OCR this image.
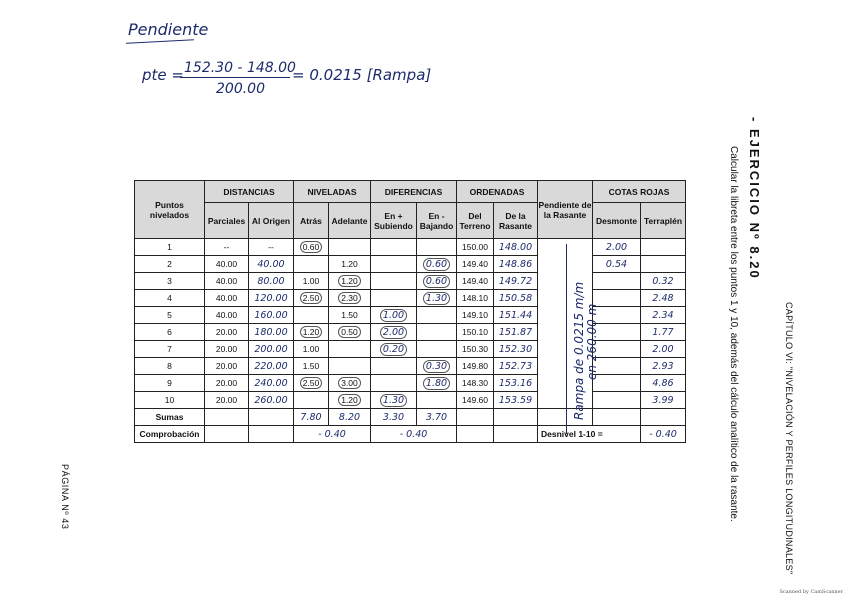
Pendiente
pte = 152.30 - 148.00
200.00
= 0.0215 [Rampa]
CAPÍTULO VI: "NIVELACIÓN Y PERFILES LONGITUDINALES"
- EJERCICIO Nº 8.20
Calcular la libreta entre los puntos 1 y 10, además del cálculo analítico de la rasante.
PÁGINA Nº 43
Scanned by CamScanner
Puntos nivelados	DISTANCIAS		NIVELADAS		DIFERENCIAS		ORDENADAS		Pendiente de la Rasante	COTAS ROJAS	
	Parciales	Al Origen	Atrás	Adelante	En + Subiendo	En - Bajando	Del Terreno	De la Rasante		Desmonte	Terraplén
1	--	--	0.60				150.00	148.00		2.00	
2	40.00	40.00		1.20		0.60	149.40	148.86		0.54	
3	40.00	80.00	1.00	1.20		0.60	149.40	149.72			0.32
4	40.00	120.00	2.50	2.30		1.30	148.10	150.58			2.48
5	40.00	160.00		1.50	1.00		149.10	151.44			2.34
6	20.00	180.00	1.20	0.50	2.00		150.10	151.87			1.77
7	20.00	200.00	1.00		0.20		150.30	152.30			2.00
8	20.00	220.00	1.50			0.30	149.80	152.73			2.93
9	20.00	240.00	2.50	3.00		1.80	148.30	153.16			4.86
10	20.00	260.00		1.20	1.30		149.60	153.59			3.99
Sumas			7.80	8.20	3.30	3.70					
Comprobación			- 0.40		- 0.40				Desnivel 1-10 =		- 0.40
Rampa de 0.0215 m/m en 260.00 m
